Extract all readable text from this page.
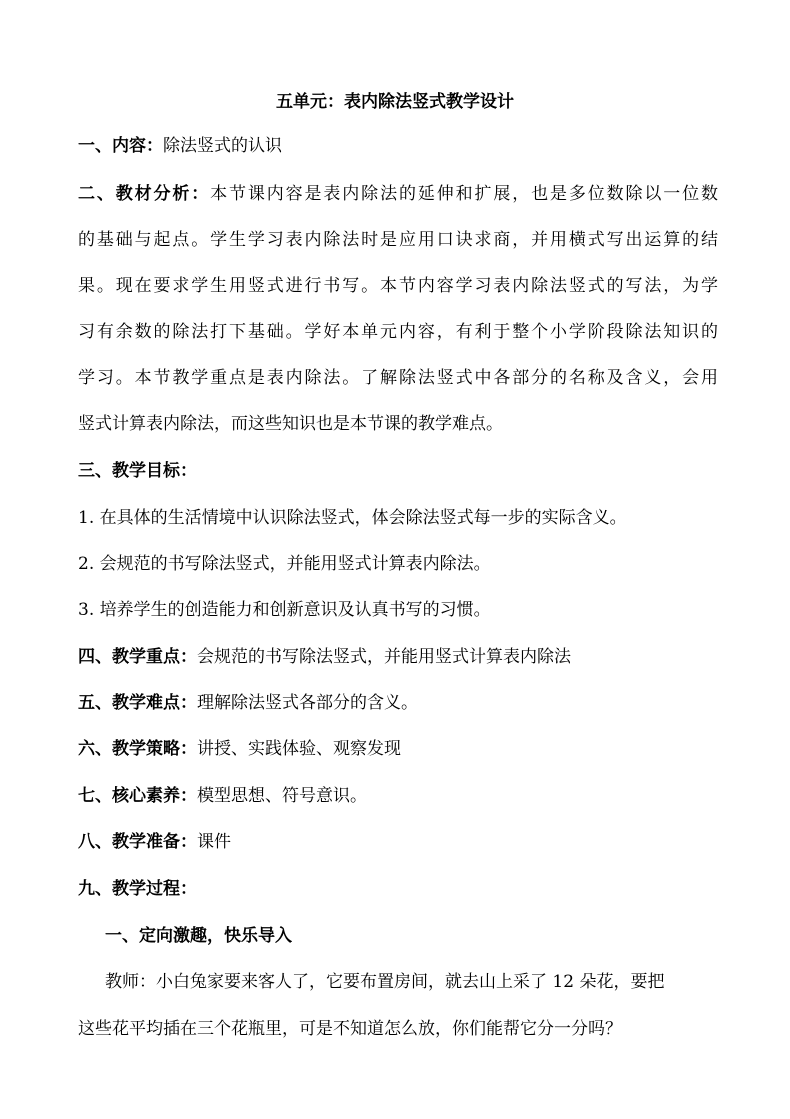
五单元：表内除法竖式教学设计
一、内容：除法竖式的认识
二、教材分析：本节课内容是表内除法的延伸和扩展，也是多位数除以一位数
的基础与起点。学生学习表内除法时是应用口诀求商，并用横式写出运算的结
果。现在要求学生用竖式进行书写。本节内容学习表内除法竖式的写法，为学
习有余数的除法打下基础。学好本单元内容，有利于整个小学阶段除法知识的
学习。本节教学重点是表内除法。了解除法竖式中各部分的名称及含义，会用
竖式计算表内除法，而这些知识也是本节课的教学难点。
三、教学目标：
1. 在具体的生活情境中认识除法竖式，体会除法竖式每一步的实际含义。
2. 会规范的书写除法竖式，并能用竖式计算表内除法。
3. 培养学生的创造能力和创新意识及认真书写的习惯。
四、教学重点：会规范的书写除法竖式，并能用竖式计算表内除法
五、教学难点：理解除法竖式各部分的含义。
六、教学策略：讲授、实践体验、观察发现
七、核心素养：模型思想、符号意识。
八、教学准备：课件
九、教学过程：
一、定向激趣，快乐导入
教师：小白兔家要来客人了，它要布置房间，就去山上采了 12 朵花，要把
这些花平均插在三个花瓶里，可是不知道怎么放，你们能帮它分一分吗？
